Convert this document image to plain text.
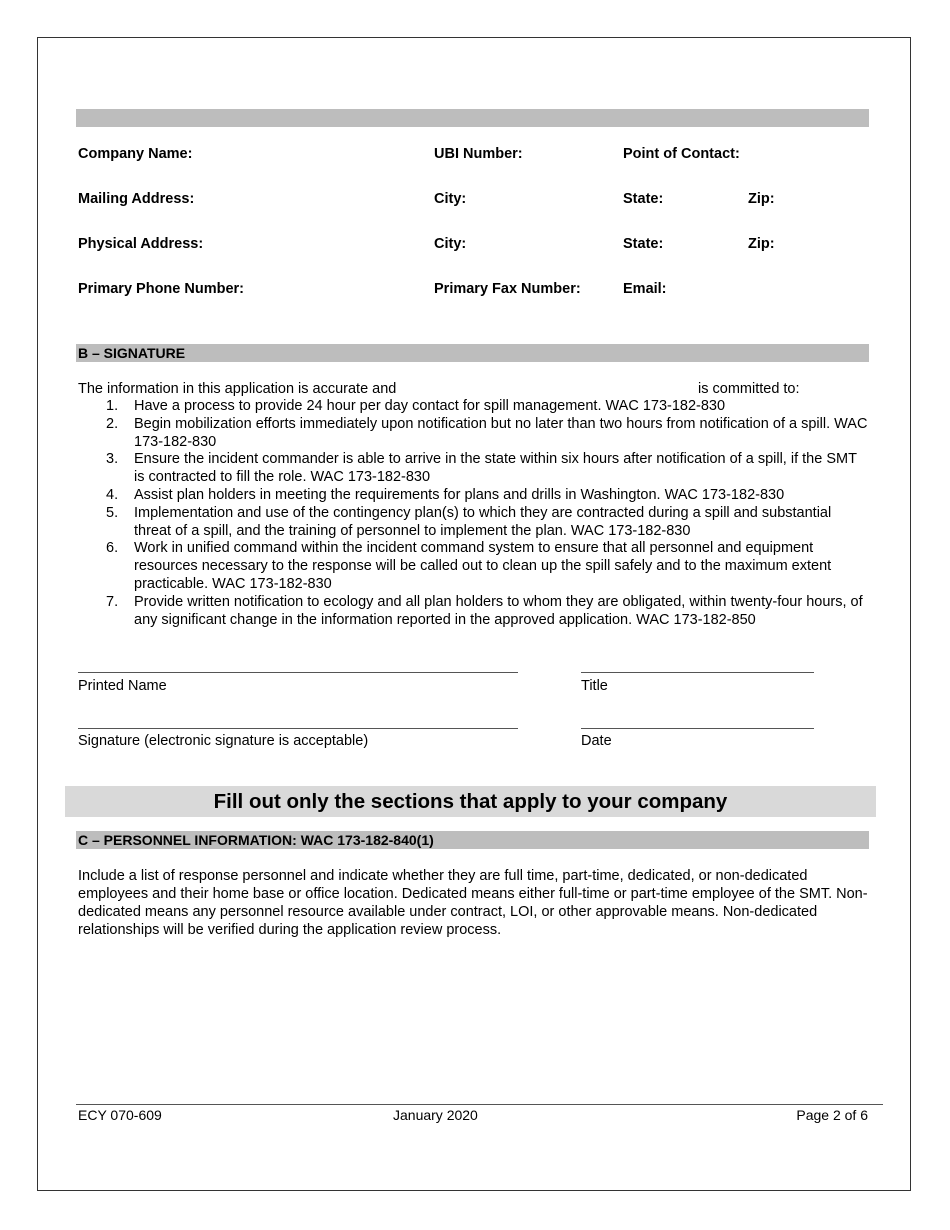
Company Name:	UBI Number:	Point of Contact:
Mailing Address:	City:	State:	Zip:
Physical Address:	City:	State:	Zip:
Primary Phone Number:	Primary Fax Number:	Email:
B – SIGNATURE
The information in this application is accurate and	is committed to:
1. Have a process to provide 24 hour per day contact for spill management. WAC 173-182-830
2. Begin mobilization efforts immediately upon notification but no later than two hours from notification of a spill. WAC 173-182-830
3. Ensure the incident commander is able to arrive in the state within six hours after notification of a spill, if the SMT is contracted to fill the role. WAC 173-182-830
4. Assist plan holders in meeting the requirements for plans and drills in Washington. WAC 173-182-830
5. Implementation and use of the contingency plan(s) to which they are contracted during a spill and substantial threat of a spill, and the training of personnel to implement the plan. WAC 173-182-830
6. Work in unified command within the incident command system to ensure that all personnel and equipment resources necessary to the response will be called out to clean up the spill safely and to the maximum extent practicable. WAC 173-182-830
7. Provide written notification to ecology and all plan holders to whom they are obligated, within twenty-four hours, of any significant change in the information reported in the approved application. WAC 173-182-850
Printed Name	Title
Signature (electronic signature is acceptable)	Date
Fill out only the sections that apply to your company
C – PERSONNEL INFORMATION: WAC 173-182-840(1)
Include a list of response personnel and indicate whether they are full time, part-time, dedicated, or non-dedicated employees and their home base or office location. Dedicated means either full-time or part-time employee of the SMT. Non-dedicated means any personnel resource available under contract, LOI, or other approvable means. Non-dedicated relationships will be verified during the application review process.
ECY 070-609	January 2020	Page 2 of 6
